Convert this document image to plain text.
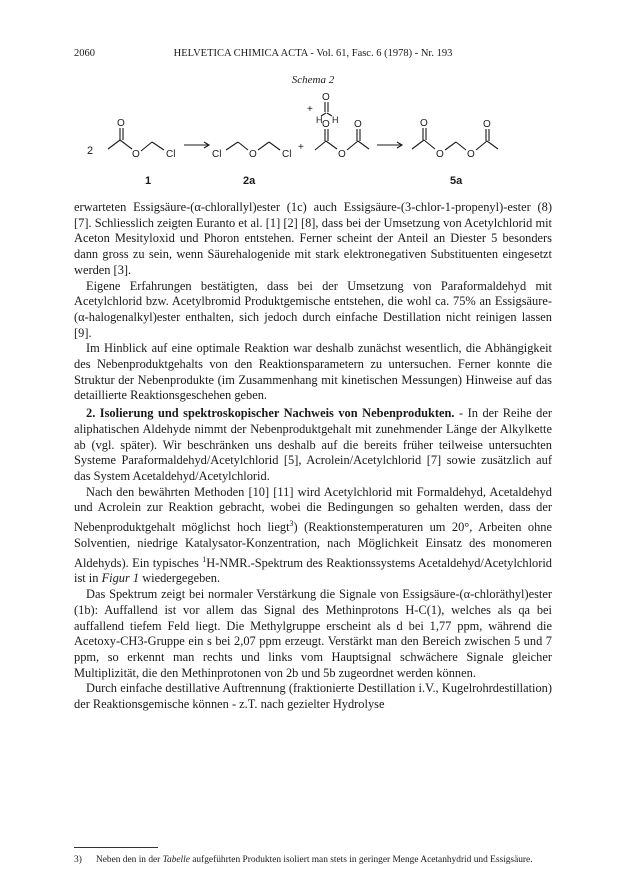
2060	HELVETICA CHIMICA ACTA - Vol. 61, Fasc. 6 (1978) - Nr. 193
Schema 2
2
O
O	Cl	Cl	O	Cl
+
+
O
H H
O
O
O	O
O O
O
1	2a	5a

erwarteten Essigsäure-(α-chlorallyl)ester (1c) auch Essigsäure-(3-chlor-1-propenyl)-ester (8) [7]. Schliesslich zeigten Euranto et al. [1] [2] [8], dass bei der Umsetzung von Acetylchlorid mit Aceton Mesityloxid und Phoron entstehen. Ferner scheint der Anteil an Diester 5 besonders dann gross zu sein, wenn Säurehalogenide mit stark elektronegativen Substituenten eingesetzt werden [3].

Eigene Erfahrungen bestätigten, dass bei der Umsetzung von Paraformaldehyd mit Acetylchlorid bzw. Acetylbromid Produktgemische entstehen, die wohl ca. 75% an Essigsäure-(α-halogenalkyl)ester enthalten, sich jedoch durch einfache Destillation nicht reinigen lassen [9].

Im Hinblick auf eine optimale Reaktion war deshalb zunächst wesentlich, die Abhängigkeit des Nebenproduktgehalts von den Reaktionsparametern zu untersuchen. Ferner konnte die Struktur der Nebenprodukte (im Zusammenhang mit kinetischen Messungen) Hinweise auf das detaillierte Reaktionsgeschehen geben.

2. Isolierung und spektroskopischer Nachweis von Nebenprodukten. - In der Reihe der aliphatischen Aldehyde nimmt der Nebenproduktgehalt mit zunehmender Länge der Alkylkette ab (vgl. später). Wir beschränken uns deshalb auf die bereits früher teilweise untersuchten Systeme Paraformaldehyd/Acetylchlorid [5], Acrolein/Acetylchlorid [7] sowie zusätzlich auf das System Acetaldehyd/Acetylchlorid.

Nach den bewährten Methoden [10] [11] wird Acetylchlorid mit Formaldehyd, Acetaldehyd und Acrolein zur Reaktion gebracht, wobei die Bedingungen so gehalten werden, dass der Nebenproduktgehalt möglichst hoch liegt$^3$) (Reaktionstemperaturen um 20°, Arbeiten ohne Solventien, niedrige Katalysator-Konzentration, nach Möglichkeit Einsatz des monomeren Aldehyds). Ein typisches $^1$H-NMR.-Spektrum des Reaktionssystems Acetaldehyd/Acetylchlorid ist in Figur 1 wiedergegeben.

Das Spektrum zeigt bei normaler Verstärkung die Signale von Essigsäure-(α-chloräthyl)ester (1b): Auffallend ist vor allem das Signal des Methinprotons H-C(1), welches als qa bei auffallend tiefem Feld liegt. Die Methylgruppe erscheint als d bei 1,77 ppm, während die Acetoxy-CH3-Gruppe ein s bei 2,07 ppm erzeugt. Verstärkt man den Bereich zwischen 5 und 7 ppm, so erkennt man rechts und links vom Hauptsignal schwächere Signale gleicher Multiplizität, die den Methinprotonen von 2b und 5b zugeordnet werden können.

Durch einfache destillative Auftrennung (fraktionierte Destillation i.V., Kugelrohrdestillation) der Reaktionsgemische können - z.T. nach gezielter Hydrolyse

3) Neben den in der Tabelle aufgeführten Produkten isoliert man stets in geringer Menge Acetanhydrid und Essigsäure.
